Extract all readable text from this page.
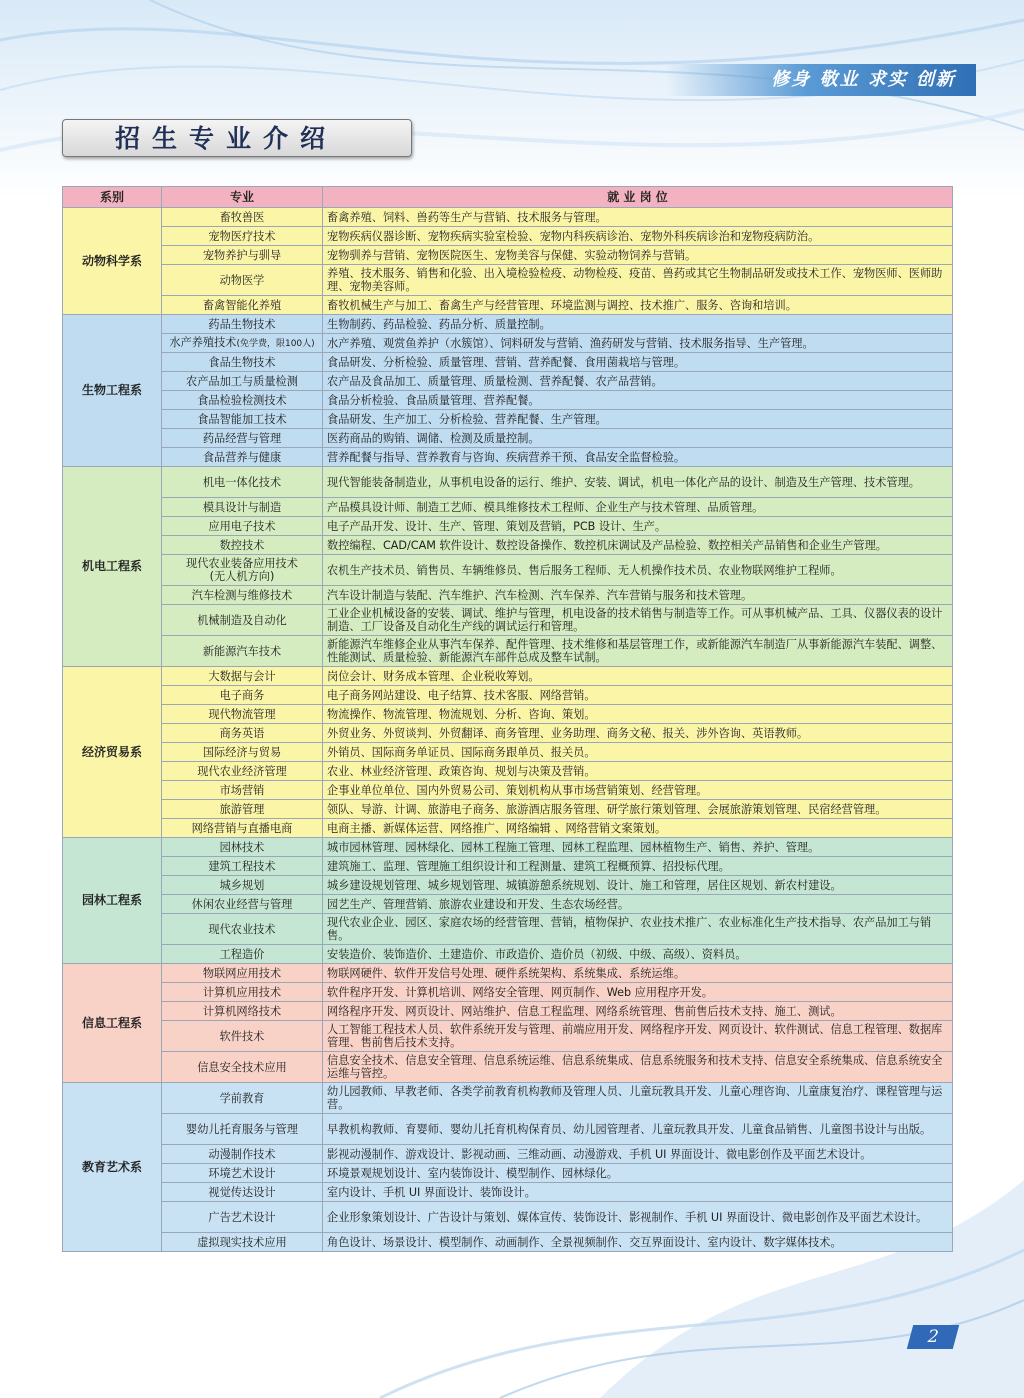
修身 敬业 求实 创新
招生专业介绍
系别	专业	就 业 岗 位
动物科学系	畜牧兽医	畜禽养殖、饲料、兽药等生产与营销、技术服务与管理。
	宠物医疗技术	宠物疾病仪器诊断、宠物疾病实验室检验、宠物内科疾病诊治、宠物外科疾病诊治和宠物疫病防治。
	宠物养护与驯导	宠物驯养与营销、宠物医院医生、宠物美容与保健、实验动物饲养与营销。
	动物医学	养殖、技术服务、销售和化验、出入境检验检疫、动物检疫、疫苗、兽药或其它生物制品研发或技术工作、宠物医师、医师助理、宠物美容师。
	畜禽智能化养殖	畜牧机械生产与加工、畜禽生产与经营管理、环境监测与调控、技术推广、服务、咨询和培训。
生物工程系	药品生物技术	生物制药、药品检验、药品分析、质量控制。
	水产养殖技术(免学费，限100人)	水产养殖、观赏鱼养护（水簇馆）、饲料研发与营销、渔药研发与营销、技术服务指导、生产管理。
	食品生物技术	食品研发、分析检验、质量管理、营销、营养配餐、食用菌栽培与管理。
	农产品加工与质量检测	农产品及食品加工、质量管理、质量检测、营养配餐、农产品营销。
	食品检验检测技术	食品分析检验、食品质量管理、营养配餐。
	食品智能加工技术	食品研发、生产加工、分析检验、营养配餐、生产管理。
	药品经营与管理	医药商品的购销、调储、检测及质量控制。
	食品营养与健康	营养配餐与指导、营养教育与咨询、疾病营养干预、食品安全监督检验。
机电工程系	机电一体化技术	现代智能装备制造业，从事机电设备的运行、维护、安装、调试，机电一体化产品的设计、制造及生产管理、技术管理。
	模具设计与制造	产品模具设计师、制造工艺师、模具维修技术工程师、企业生产与技术管理、品质管理。
	应用电子技术	电子产品开发、设计、生产、管理、策划及营销，PCB 设计、生产。
	数控技术	数控编程、CAD/CAM 软件设计、数控设备操作、数控机床调试及产品检验、数控相关产品销售和企业生产管理。
	现代农业装备应用技术
(无人机方向)	农机生产技术员、销售员、车辆维修员、售后服务工程师、无人机操作技术员、农业物联网维护工程师。
	汽车检测与维修技术	汽车设计制造与装配、汽车维护、汽车检测、汽车保养、汽车营销与服务和技术管理。
	机械制造及自动化	工业企业机械设备的安装、调试、维护与管理，机电设备的技术销售与制造等工作。可从事机械产品、工具、仪器仪表的设计制造、工厂设备及自动化生产线的调试运行和管理。
	新能源汽车技术	新能源汽车维修企业从事汽车保养、配件管理、技术维修和基层管理工作，或新能源汽车制造厂从事新能源汽车装配、调整、性能测试、质量检验、新能源汽车部件总成及整车试制。
经济贸易系	大数据与会计	岗位会计、财务成本管理、企业税收筹划。
	电子商务	电子商务网站建设、电子结算、技术客服、网络营销。
	现代物流管理	物流操作、物流管理、物流规划、分析、咨询、策划。
	商务英语	外贸业务、外贸谈判、外贸翻译、商务管理、业务助理、商务文秘、报关、涉外咨询、英语教师。
	国际经济与贸易	外销员、国际商务单证员、国际商务跟单员、报关员。
	现代农业经济管理	农业、林业经济管理、政策咨询、规划与决策及营销。
	市场营销	企事业单位单位、国内外贸易公司、策划机构从事市场营销策划、经营管理。
	旅游管理	领队、导游、计调、旅游电子商务、旅游酒店服务管理、研学旅行策划管理、会展旅游策划管理、民宿经营管理。
	网络营销与直播电商	电商主播、新媒体运营、网络推广、网络编辑 、网络营销文案策划。
园林工程系	园林技术	城市园林管理、园林绿化、园林工程施工管理、园林工程监理、园林植物生产、销售、养护、管理。
	建筑工程技术	建筑施工、监理、管理施工组织设计和工程测量、建筑工程概预算、招投标代理。
	城乡规划	城乡建设规划管理、城乡规划管理、城镇游憩系统规划、设计、施工和管理，居住区规划、新农村建设。
	休闲农业经营与管理	园艺生产、管理营销、旅游农业建设和开发、生态农场经营。
	现代农业技术	现代农业企业、园区、家庭农场的经营管理、营销，植物保护、农业技术推广、农业标准化生产技术指导、农产品加工与销售。
	工程造价	安装造价、装饰造价、土建造价、市政造价、造价员（初级、中级、高级）、资料员。
信息工程系	物联网应用技术	物联网硬件、软件开发信号处理、硬件系统架构、系统集成、系统运维。
	计算机应用技术	软件程序开发、计算机培训、网络安全管理、网页制作、Web 应用程序开发。
	计算机网络技术	网络程序开发、网页设计、网站维护、信息工程监理、网络系统管理、售前售后技术支持、施工、测试。
	软件技术	人工智能工程技术人员、软件系统开发与管理、前端应用开发、网络程序开发、网页设计、软件测试、信息工程管理、数据库管理、售前售后技术支持。
	信息安全技术应用	信息安全技术、信息安全管理、信息系统运维、信息系统集成、信息系统服务和技术支持、信息安全系统集成、信息系统安全运维与管控。
教育艺术系	学前教育	幼儿园教师、早教老师、各类学前教育机构教师及管理人员、儿童玩教具开发、儿童心理咨询、儿童康复治疗、课程管理与运营。
	婴幼儿托育服务与管理	早教机构教师、育婴师、婴幼儿托育机构保育员、幼儿园管理者、儿童玩教具开发、儿童食品销售、儿童图书设计与出版。
	动漫制作技术	影视动漫制作、游戏设计、影视动画、三维动画、动漫游戏、手机 UI 界面设计、微电影创作及平面艺术设计。
	环境艺术设计	环境景观规划设计、室内装饰设计、模型制作、园林绿化。
	视觉传达设计	室内设计、手机 UI 界面设计、装饰设计。
	广告艺术设计	企业形象策划设计、广告设计与策划、媒体宣传、装饰设计、影视制作、手机 UI 界面设计、微电影创作及平面艺术设计。
	虚拟现实技术应用	角色设计、场景设计、模型制作、动画制作、全景视频制作、交互界面设计、室内设计、数字媒体技术。
2
